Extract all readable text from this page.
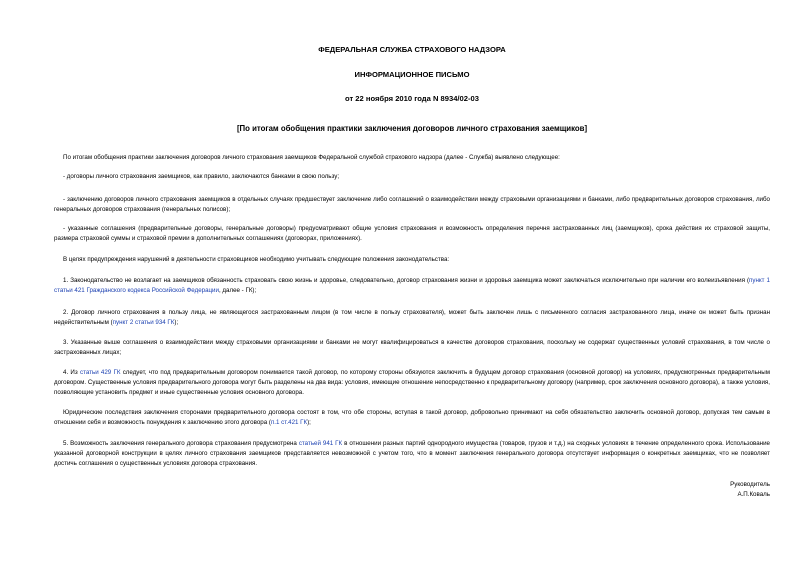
ФЕДЕРАЛЬНАЯ СЛУЖБА СТРАХОВОГО НАДЗОРА
ИНФОРМАЦИОННОЕ ПИСЬМО
от 22 ноября 2010 года N 8934/02-03
[По итогам обобщения практики заключения договоров личного страхования заемщиков]

По итогам обобщения практики заключения договоров личного страхования заемщиков Федеральной службой страхового надзора (далее - Служба) выявлено следующее:

- договоры личного страхования заемщиков, как правило, заключаются банками в свою пользу;

- заключению договоров личного страхования заемщиков в отдельных случаях предшествует заключение либо соглашений о взаимодействии между страховыми организациями и банками, либо предварительных договоров страхования, либо генеральных договоров страхования (генеральных полисов);

- указанные соглашения (предварительные договоры, генеральные договоры) предусматривают общие условия страхования и возможность определения перечня застрахованных лиц (заемщиков), срока действия их страховой защиты, размера страховой суммы и страховой премии в дополнительных соглашениях (договорах, приложениях).

В целях предупреждения нарушений в деятельности страховщиков необходимо учитывать следующие положения законодательства:

1. Законодательство не возлагает на заемщиков обязанность страховать свою жизнь и здоровье, следовательно, договор страхования жизни и здоровья заемщика может заключаться исключительно при наличии его волеизъявления (пункт 1 статьи 421 Гражданского кодекса Российской Федерации, далее - ГК);

2. Договор личного страхования в пользу лица, не являющегося застрахованным лицом (в том числе в пользу страхователя), может быть заключен лишь с письменного согласия застрахованного лица, иначе он может быть признан недействительным (пункт 2 статьи 934 ГК);

3. Указанные выше соглашения о взаимодействии между страховыми организациями и банками не могут квалифицироваться в качестве договоров страхования, поскольку не содержат существенных условий страхования, в том числе о застрахованных лицах;

4. Из статьи 429 ГК следует, что под предварительным договором понимается такой договор, по которому стороны обязуются заключить в будущем договор страхования (основной договор) на условиях, предусмотренных предварительным договором. Существенные условия предварительного договора могут быть разделены на два вида: условия, имеющие отношение непосредственно к предварительному договору (например, срок заключения основного договора), а также условия, позволяющие установить предмет и иные существенные условия основного договора.

Юридические последствия заключения сторонами предварительного договора состоят в том, что обе стороны, вступая в такой договор, добровольно принимают на себя обязательство заключить основной договор, допуская тем самым в отношении себя и возможность понуждения к заключению этого договора (п.1 ст.421 ГК);

5. Возможность заключения генерального договора страхования предусмотрена статьей 941 ГК в отношении разных партий однородного имущества (товаров, грузов и т.д.) на сходных условиях в течение определенного срока. Использование указанной договорной конструкции в целях личного страхования заемщиков представляется невозможной с учетом того, что в момент заключения генерального договора отсутствует информация о конкретных заемщиках, что не позволяет достичь соглашения о существенных условиях договора страхования.

Руководитель
А.П.Коваль
